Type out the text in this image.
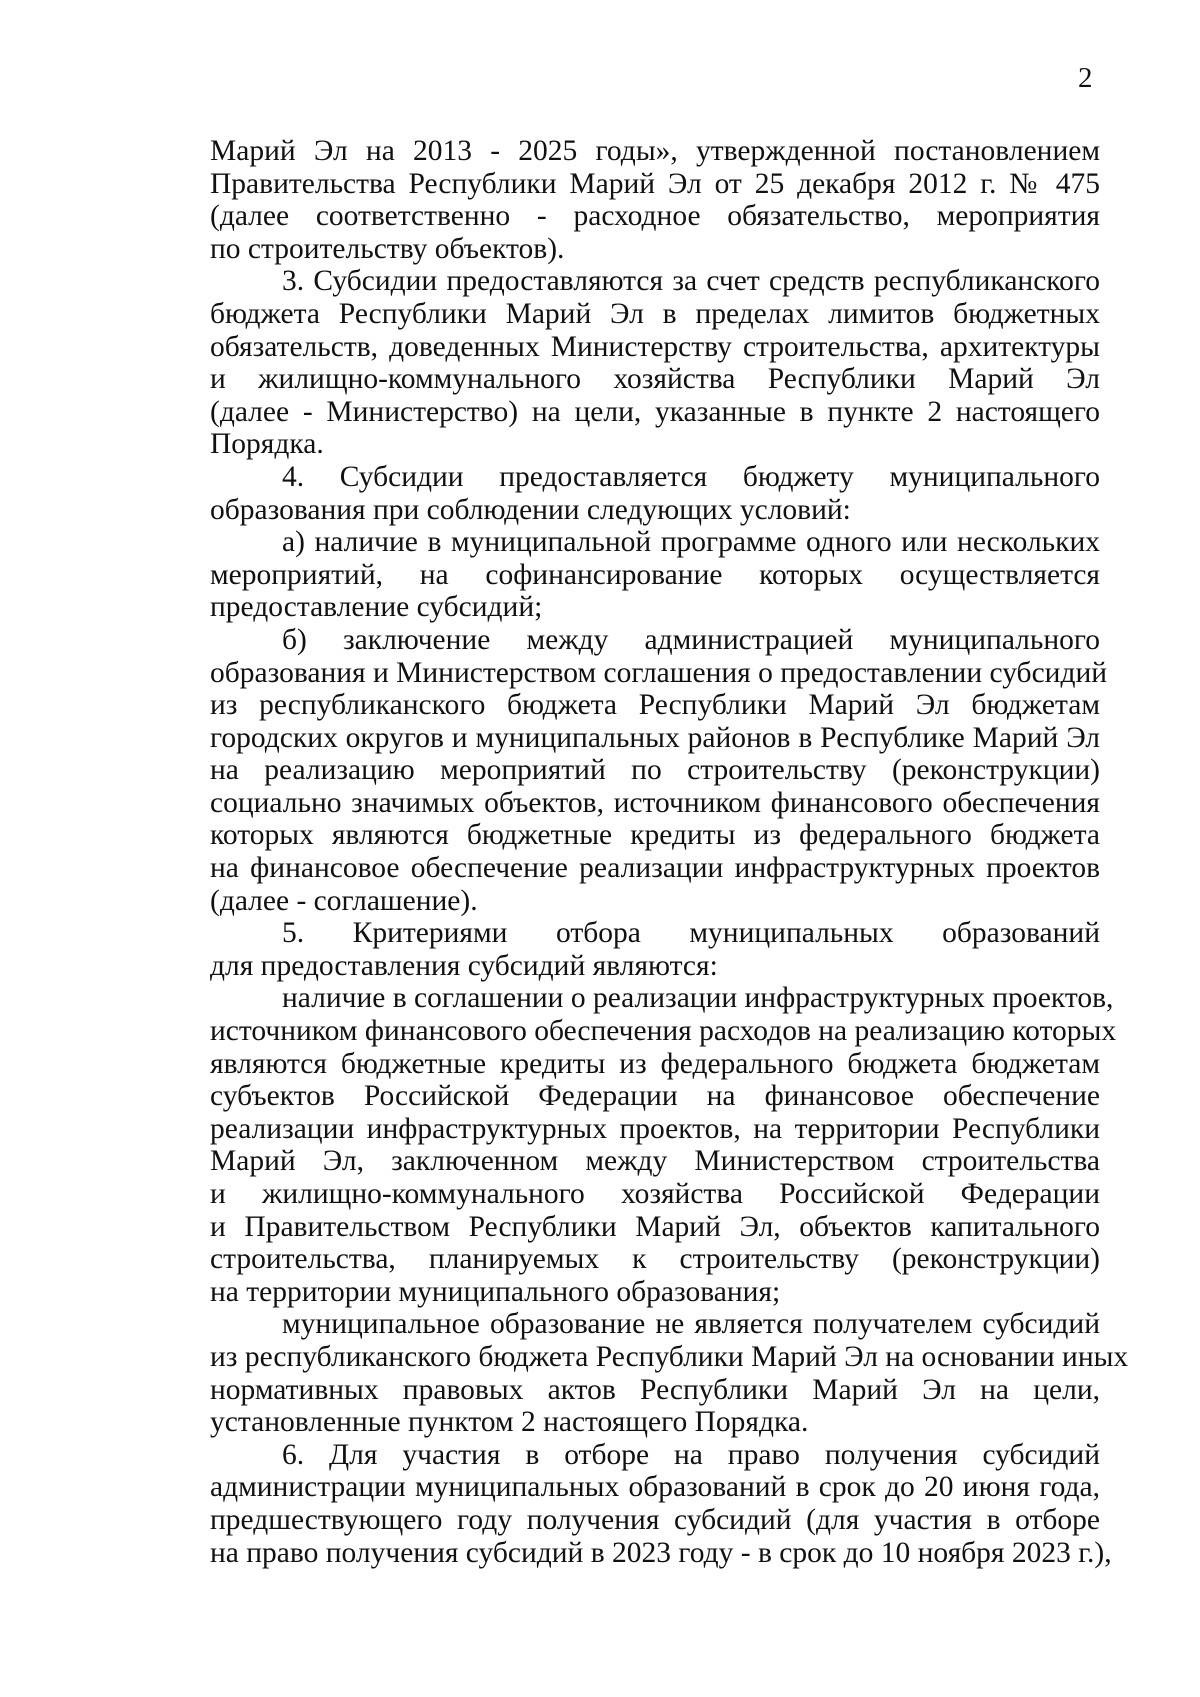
2
Марий Эл на 2013 - 2025 годы», утвержденной постановлением
Правительства Республики Марий Эл от 25 декабря 2012 г. № 475
(далее соответственно - расходное обязательство, мероприятия
по строительству объектов).
3. Субсидии предоставляются за счет средств республиканского
бюджета Республики Марий Эл в пределах лимитов бюджетных
обязательств, доведенных Министерству строительства, архитектуры
и жилищно-коммунального хозяйства Республики Марий Эл
(далее - Министерство) на цели, указанные в пункте 2 настоящего
Порядка.
4. Субсидии предоставляется бюджету муниципального
образования при соблюдении следующих условий:
а) наличие в муниципальной программе одного или нескольких
мероприятий, на софинансирование которых осуществляется
предоставление субсидий;
б) заключение между администрацией муниципального
образования и Министерством соглашения о предоставлении субсидий
из республиканского бюджета Республики Марий Эл бюджетам
городских округов и муниципальных районов в Республике Марий Эл
на реализацию мероприятий по строительству (реконструкции)
социально значимых объектов, источником финансового обеспечения
которых являются бюджетные кредиты из федерального бюджета
на финансовое обеспечение реализации инфраструктурных проектов
(далее - соглашение).
5. Критериями отбора муниципальных образований
для предоставления субсидий являются:
наличие в соглашении о реализации инфраструктурных проектов,
источником финансового обеспечения расходов на реализацию которых
являются бюджетные кредиты из федерального бюджета бюджетам
субъектов Российской Федерации на финансовое обеспечение
реализации инфраструктурных проектов, на территории Республики
Марий Эл, заключенном между Министерством строительства
и жилищно-коммунального хозяйства Российской Федерации
и Правительством Республики Марий Эл, объектов капитального
строительства, планируемых к строительству (реконструкции)
на территории муниципального образования;
муниципальное образование не является получателем субсидий
из республиканского бюджета Республики Марий Эл на основании иных
нормативных правовых актов Республики Марий Эл на цели,
установленные пунктом 2 настоящего Порядка.
6. Для участия в отборе на право получения субсидий
администрации муниципальных образований в срок до 20 июня года,
предшествующего году получения субсидий (для участия в отборе
на право получения субсидий в 2023 году - в срок до 10 ноября 2023 г.),
